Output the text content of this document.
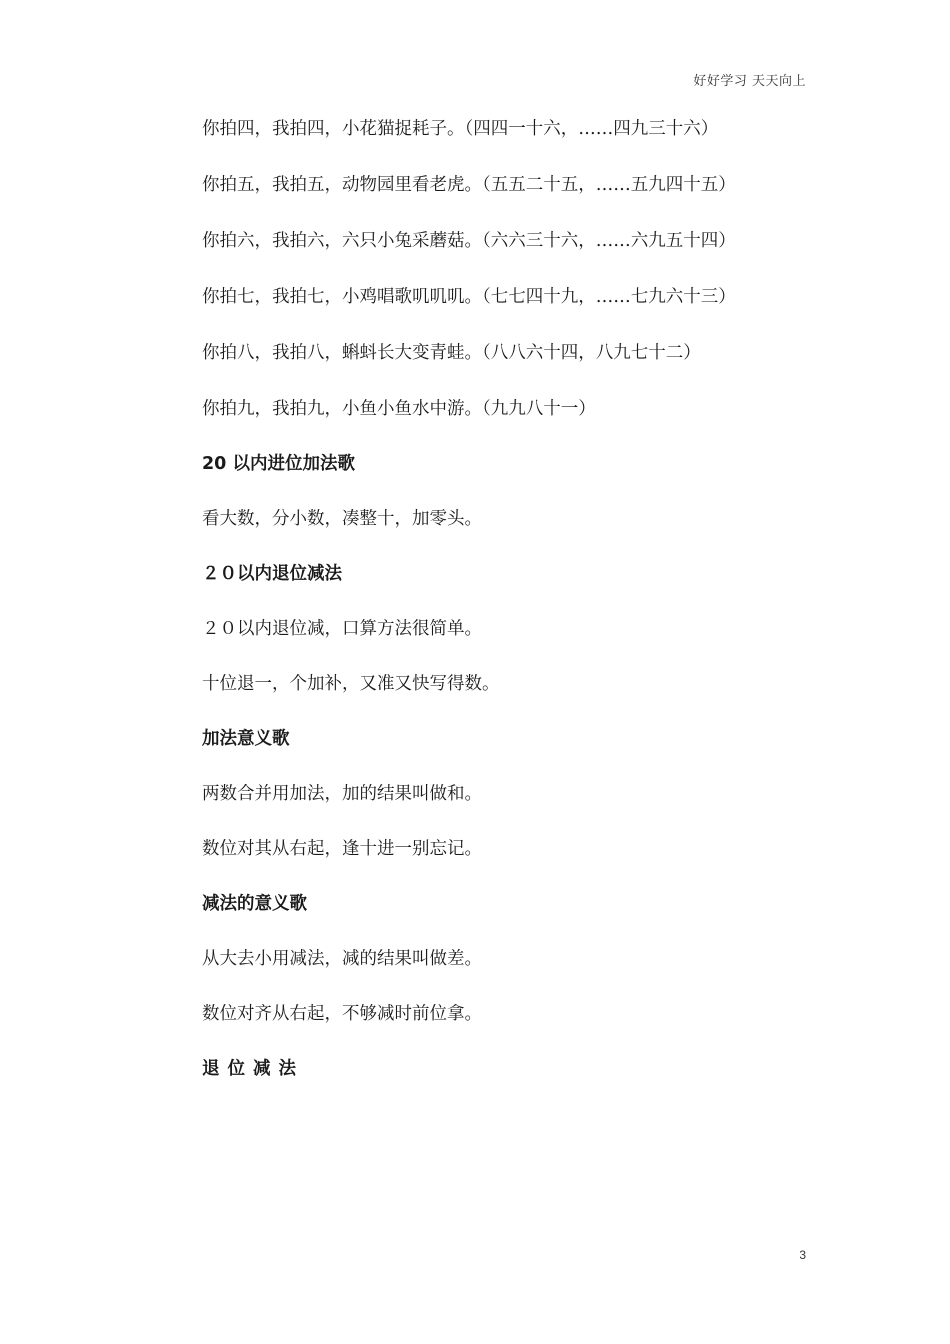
好好学习 天天向上

你拍四，我拍四，小花猫捉耗子。（四四一十六，……四九三十六）

你拍五，我拍五，动物园里看老虎。（五五二十五，……五九四十五）

你拍六，我拍六，六只小兔采蘑菇。（六六三十六，……六九五十四）

你拍七，我拍七，小鸡唱歌叽叽叽。（七七四十九，……七九六十三）

你拍八，我拍八，蝌蚪长大变青蛙。（八八六十四，八九七十二）

你拍九，我拍九，小鱼小鱼水中游。（九九八十一）

20 以内进位加法歌

看大数，分小数，凑整十，加零头。

２０以内退位减法

２０以内退位减，口算方法很简单。

十位退一，个加补，又准又快写得数。

加法意义歌

两数合并用加法，加的结果叫做和。

数位对其从右起，逢十进一别忘记。

减法的意义歌

从大去小用减法，减的结果叫做差。

数位对齐从右起，不够减时前位拿。

退位减法
3
